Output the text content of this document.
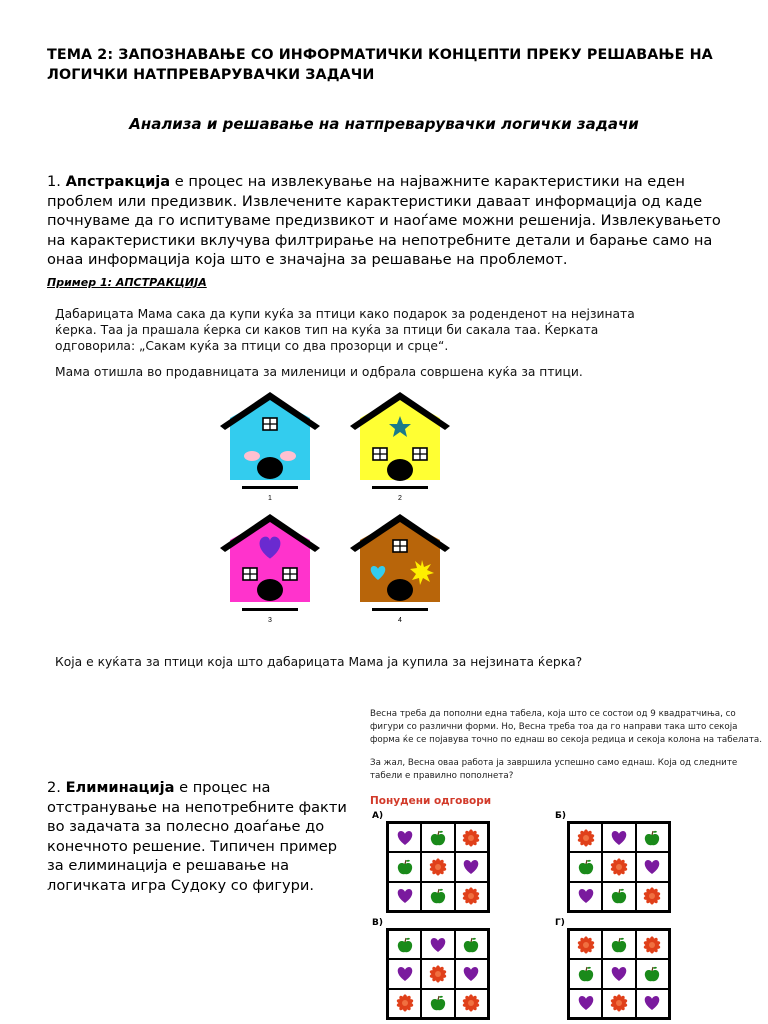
ТЕМА 2: ЗАПОЗНАВАЊЕ СО ИНФОРМАТИЧКИ КОНЦЕПТИ ПРЕКУ РЕШАВАЊЕ НА ЛОГИЧКИ НАТПРЕВАРУВАЧКИ ЗАДАЧИ
Анализа и решавање на натпреварувачки логички задачи
1. Апстракција е процес на извлекување на најважните карактеристики на еден проблем или предизвик. Извлечените карактеристики даваат информација од каде почнуваме да го испитуваме предизвикот и наоѓаме можни решенија. Извлекувањето на карактеристики вклучува филтрирање на непотребните детали и барање само на онаа информација која што е значајна за решавање на проблемот.
Пример 1: АПСТРАКЦИЈА
Дабарицата Мама сака да купи куќа за птици како подарок за роденденот на нејзината ќерка. Таа ја прашала ќерка си каков тип на куќа за птици би сакала таа. Ќерката одговорила: „Сакам куќа за птици со два прозорци и срце“.
Мама отишла во продавницата за миленици и одбрала совршена куќа за птици.
1	2
3	4
Која е куќата за птици која што дабарицата Мама ја купила за нејзината ќерка?
Весна треба да пополни една табела, која што се состои од 9 квадратчиња, со фигури со различни форми. Но, Весна треба тоа да го направи така што секоја форма ќе се појавува точно по еднаш во секоја редица и секоја колона на табелата.
За жал, Весна оваа работа ја завршила успешно само еднаш. Која од следните табели е правилно пополнета?
2. Елиминација е процес на отстранување на непотребните факти во задачата за полесно доаѓање до конечното решение. Типичен пример за елиминација е решавање на логичката игра Судоку со фигури.
Понудени одговори
А)	Б)
В)	Г)
